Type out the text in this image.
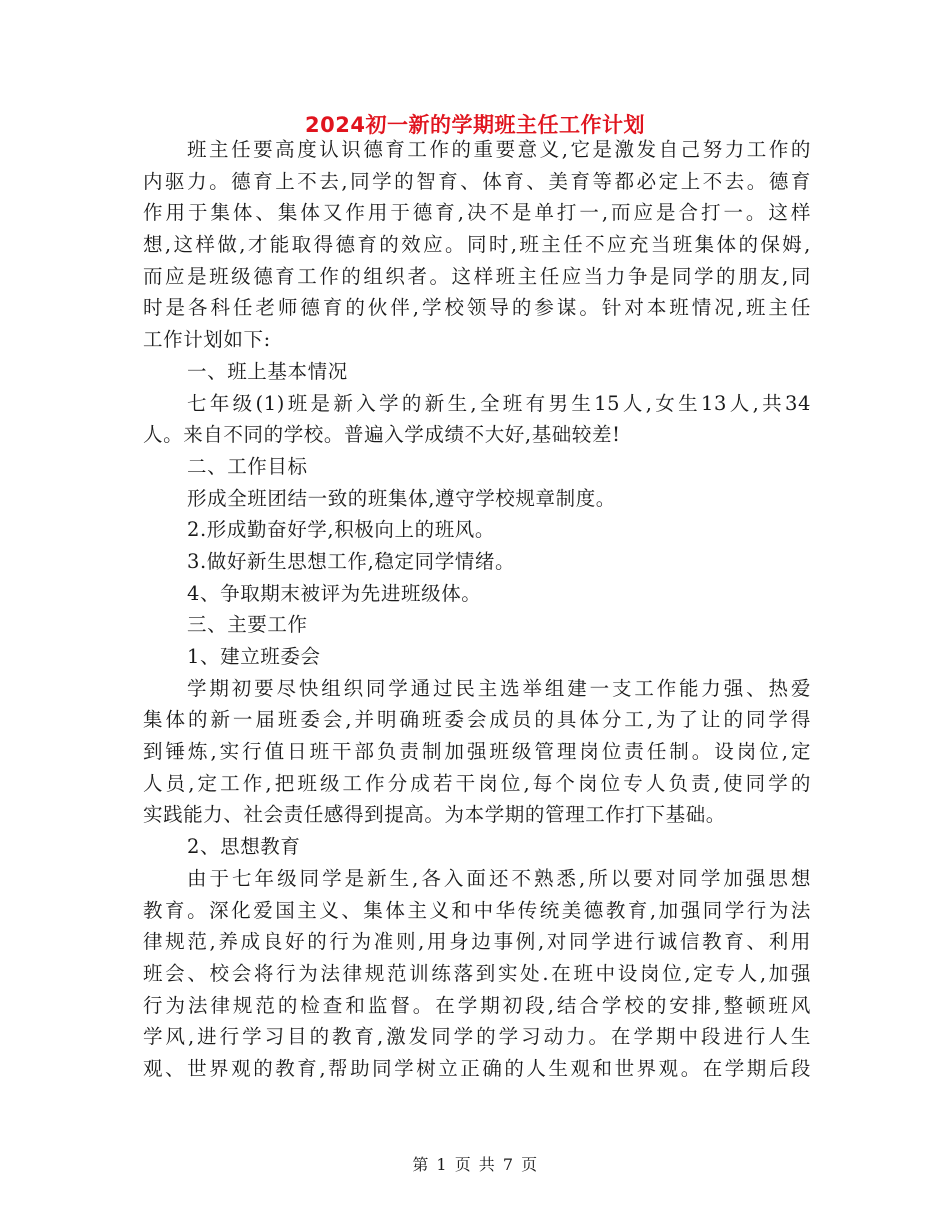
2024初一新的学期班主任工作计划
班主任要高度认识德育工作的重要意义,它是激发自己努力工作的
内驱力。德育上不去,同学的智育、体育、美育等都必定上不去。德育
作用于集体、集体又作用于德育,决不是单打一,而应是合打一。这样
想,这样做,才能取得德育的效应。同时,班主任不应充当班集体的保姆,
而应是班级德育工作的组织者。这样班主任应当力争是同学的朋友,同
时是各科任老师德育的伙伴,学校领导的参谋。针对本班情况,班主任
工作计划如下:
一、班上基本情况
七年级(1)班是新入学的新生,全班有男生15人,女生13人,共34
人。来自不同的学校。普遍入学成绩不大好,基础较差!
二、工作目标
形成全班团结一致的班集体,遵守学校规章制度。
2.形成勤奋好学,积极向上的班风。
3.做好新生思想工作,稳定同学情绪。
4、争取期末被评为先进班级体。
三、主要工作
1、建立班委会
学期初要尽快组织同学通过民主选举组建一支工作能力强、热爱
集体的新一届班委会,并明确班委会成员的具体分工,为了让的同学得
到锤炼,实行值日班干部负责制加强班级管理岗位责任制。设岗位,定
人员,定工作,把班级工作分成若干岗位,每个岗位专人负责,使同学的
实践能力、社会责任感得到提高。为本学期的管理工作打下基础。
2、思想教育
由于七年级同学是新生,各入面还不熟悉,所以要对同学加强思想
教育。深化爱国主义、集体主义和中华传统美德教育,加强同学行为法
律规范,养成良好的行为准则,用身边事例,对同学进行诚信教育、利用
班会、校会将行为法律规范训练落到实处.在班中设岗位,定专人,加强
行为法律规范的检查和监督。在学期初段,结合学校的安排,整顿班风
学风,进行学习目的教育,激发同学的学习动力。在学期中段进行人生
观、世界观的教育,帮助同学树立正确的人生观和世界观。在学期后段
第 1 页 共 7 页
